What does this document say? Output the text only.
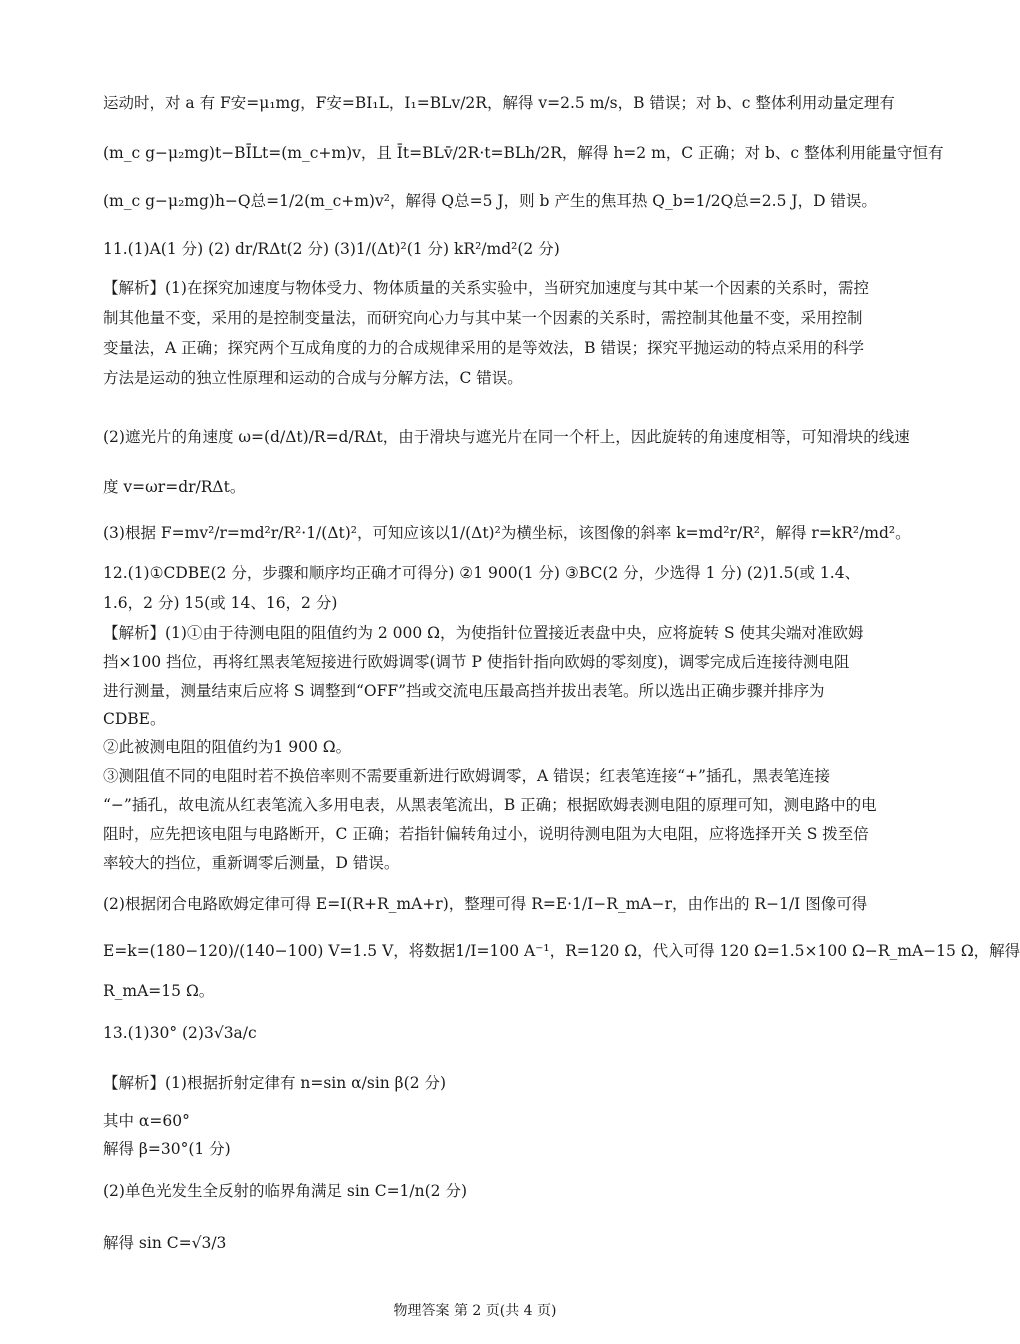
运动时，对 a 有 F安=μ₁mg，F安=BI₁L，I₁=BLv/2R，解得 v=2.5 m/s，B 错误；对 b、c 整体利用动量定理有
(m_c g−μ₂mg)t−BĪLt=(m_c+m)v，且 Īt=BLv̄/2R·t=BLh/2R，解得 h=2 m，C 正确；对 b、c 整体利用能量守恒有
(m_c g−μ₂mg)h−Q总=1/2(m_c+m)v²，解得 Q总=5 J，则 b 产生的焦耳热 Q_b=1/2Q总=2.5 J，D 错误。
11.(1)A(1 分) (2) dr/RΔt(2 分) (3)1/(Δt)²(1 分) kR²/md²(2 分)
【解析】(1)在探究加速度与物体受力、物体质量的关系实验中，当研究加速度与其中某一个因素的关系时，需控
制其他量不变，采用的是控制变量法，而研究向心力与其中某一个因素的关系时，需控制其他量不变，采用控制
变量法，A 正确；探究两个互成角度的力的合成规律采用的是等效法，B 错误；探究平抛运动的特点采用的科学
方法是运动的独立性原理和运动的合成与分解方法，C 错误。
(2)遮光片的角速度 ω=(d/Δt)/R=d/RΔt，由于滑块与遮光片在同一个杆上，因此旋转的角速度相等，可知滑块的线速
度 v=ωr=dr/RΔt。
(3)根据 F=mv²/r=md²r/R²·1/(Δt)²，可知应该以1/(Δt)²为横坐标，该图像的斜率 k=md²r/R²，解得 r=kR²/md²。
12.(1)①CDBE(2 分，步骤和顺序均正确才可得分) ②1 900(1 分) ③BC(2 分，少选得 1 分) (2)1.5(或 1.4、
1.6，2 分) 15(或 14、16，2 分)
【解析】(1)①由于待测电阻的阻值约为 2 000 Ω，为使指针位置接近表盘中央，应将旋转 S 使其尖端对准欧姆
挡×100 挡位，再将红黑表笔短接进行欧姆调零(调节 P 使指针指向欧姆的零刻度)，调零完成后连接待测电阻
进行测量，测量结束后应将 S 调整到“OFF”挡或交流电压最高挡并拔出表笔。所以选出正确步骤并排序为
CDBE。
②此被测电阻的阻值约为1 900 Ω。
③测阻值不同的电阻时若不换倍率则不需要重新进行欧姆调零，A 错误；红表笔连接“+”插孔，黑表笔连接
“−”插孔，故电流从红表笔流入多用电表，从黑表笔流出，B 正确；根据欧姆表测电阻的原理可知，测电路中的电
阻时，应先把该电阻与电路断开，C 正确；若指针偏转角过小，说明待测电阻为大电阻，应将选择开关 S 拨至倍
率较大的挡位，重新调零后测量，D 错误。
(2)根据闭合电路欧姆定律可得 E=I(R+R_mA+r)，整理可得 R=E·1/I−R_mA−r，由作出的 R−1/I 图像可得
E=k=(180−120)/(140−100) V=1.5 V，将数据1/I=100 A⁻¹，R=120 Ω，代入可得 120 Ω=1.5×100 Ω−R_mA−15 Ω，解得
R_mA=15 Ω。
13.(1)30° (2)3√3a/c
【解析】(1)根据折射定律有 n=sin α/sin β(2 分)
其中 α=60°
解得 β=30°(1 分)
(2)单色光发生全反射的临界角满足 sin C=1/n(2 分)
解得 sin C=√3/3
物理答案 第 2 页(共 4 页)
